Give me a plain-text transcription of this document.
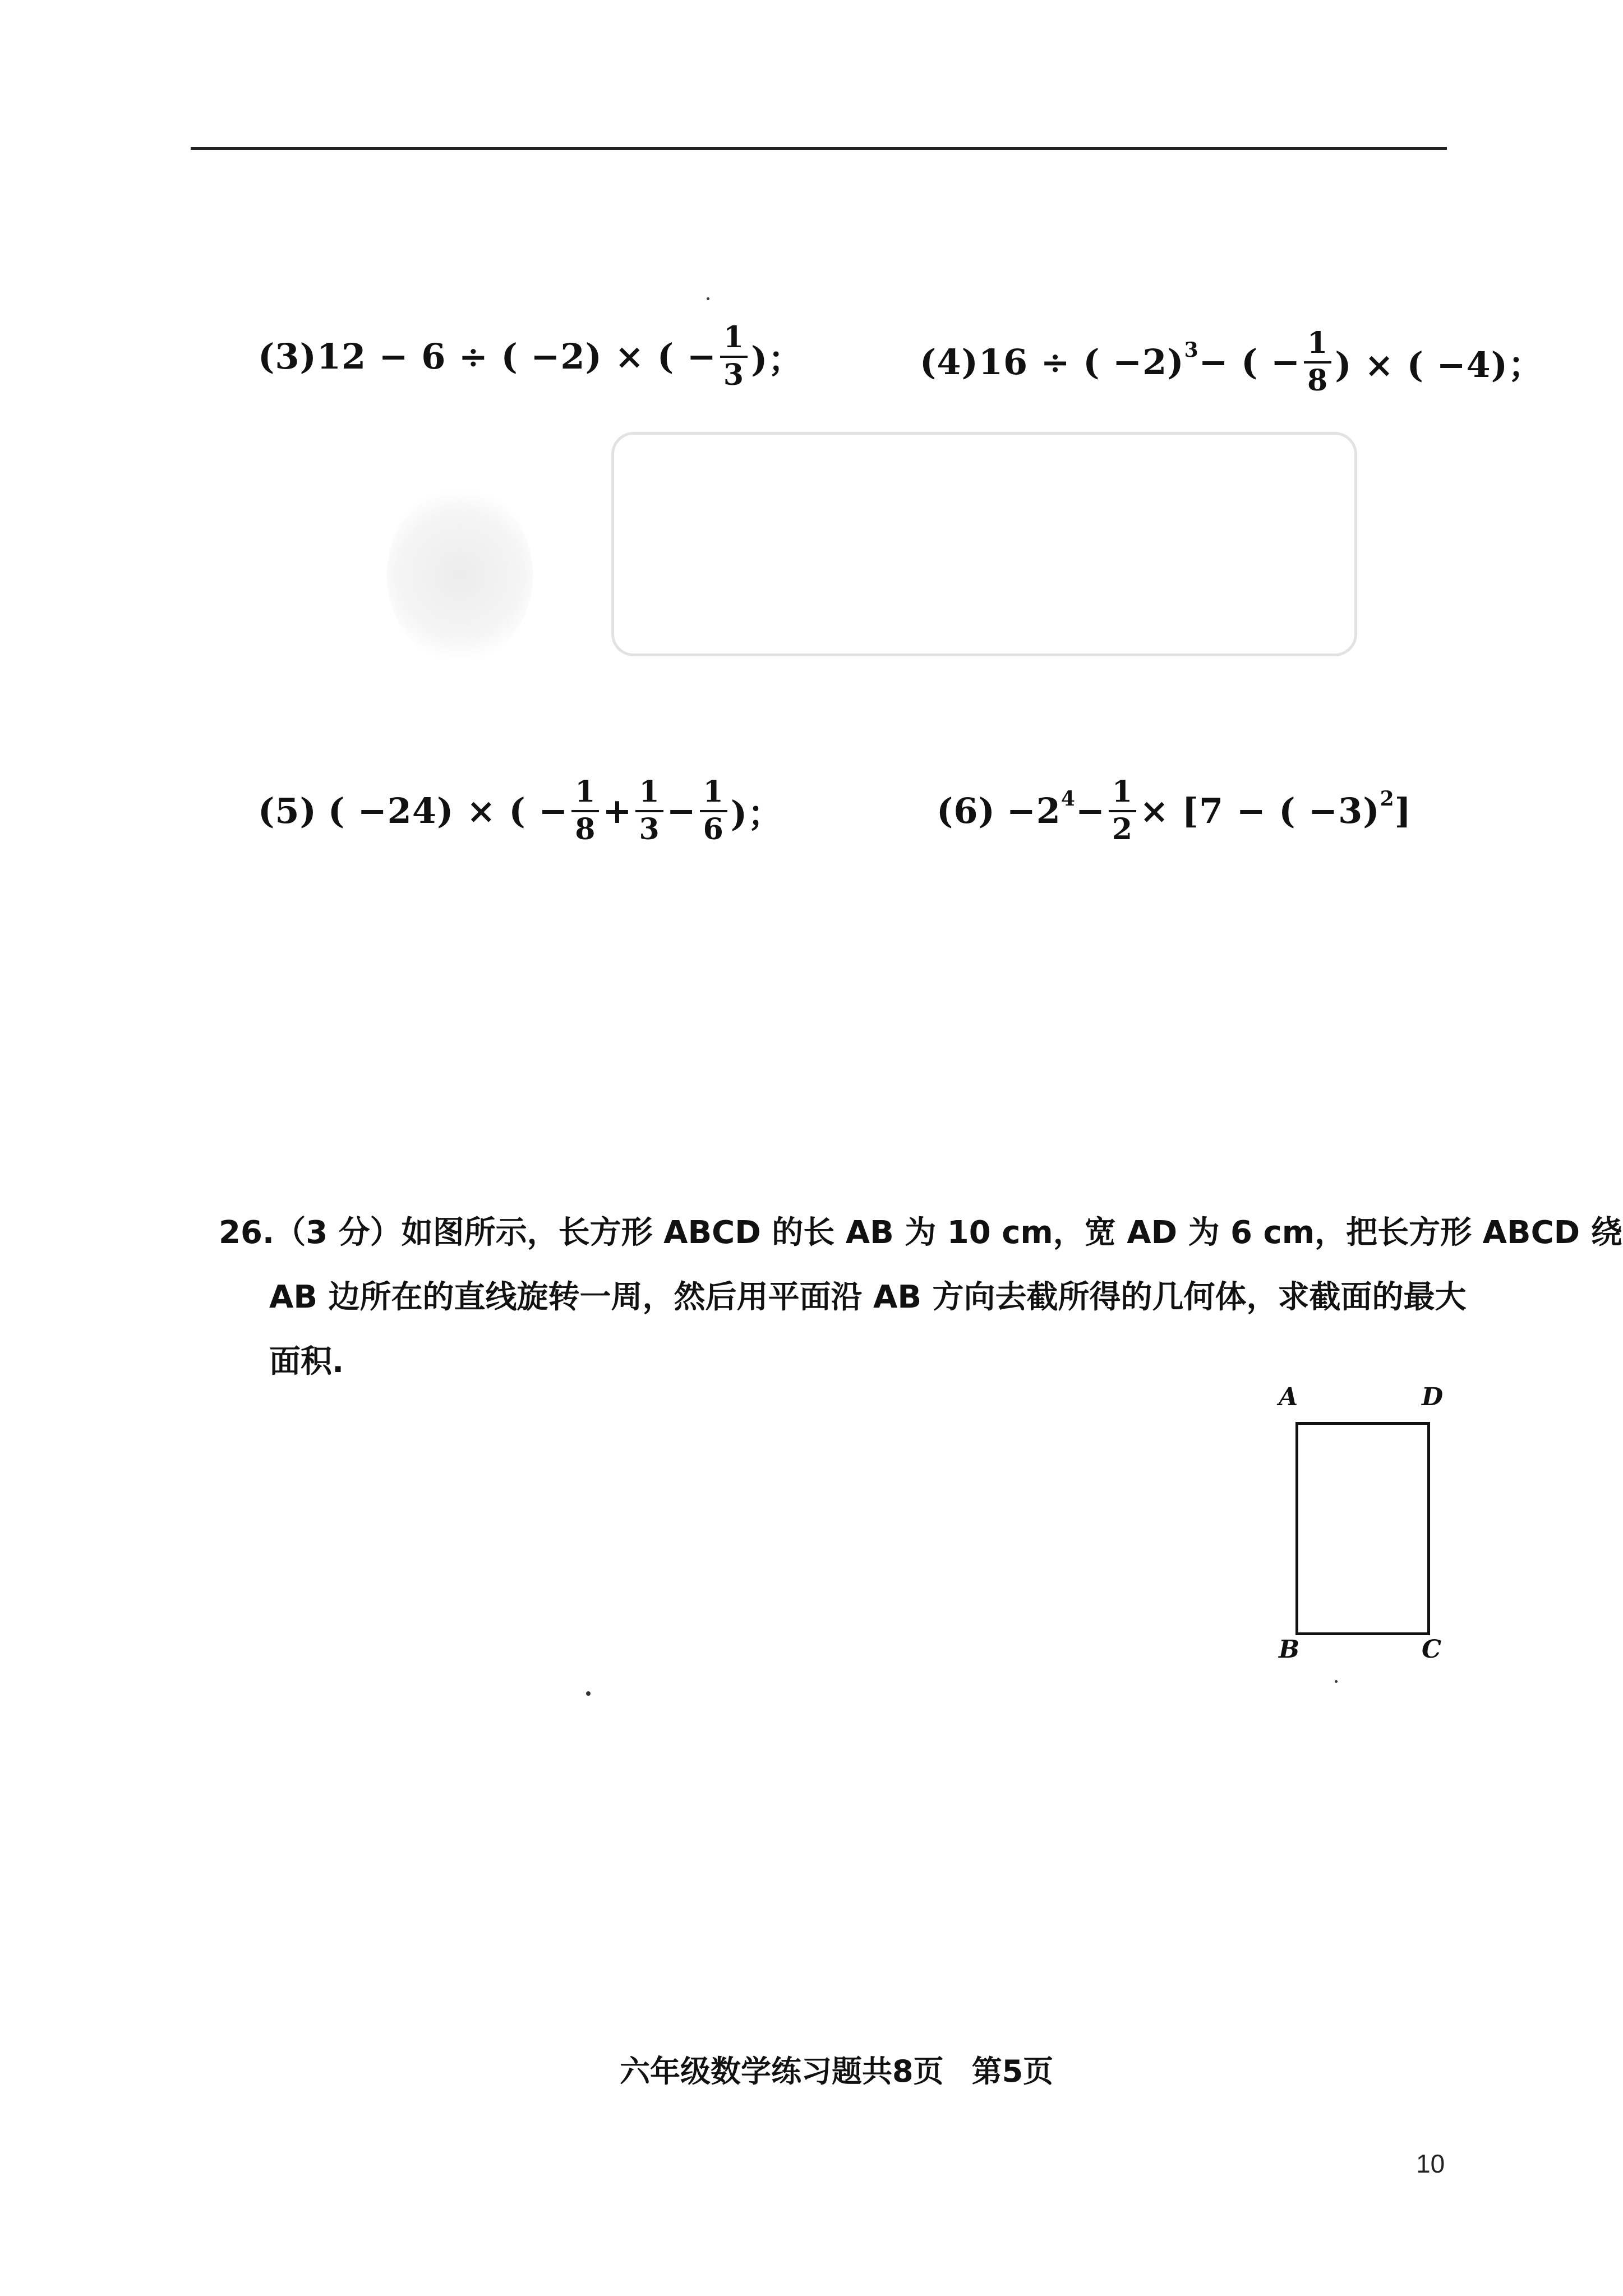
(3) 12 − 6 ÷ ( −2) × ( − $\frac{1}{3}$ )；	(4) 16 ÷ ( −2)$^3$ − ( − $\frac{1}{8}$ ) × ( −4)；
(5) ( −24) × ( − $\frac{1}{8} + \frac{1}{3} - \frac{1}{6}$ )；	$(6) -2^4 - \frac{1}{2} \times [7$ − ( −3)$^2$ ]
26.（3 分）如图所示，长方形 ABCD 的长 AB 为 10 cm，宽 AD 为 6 cm，把长方形 ABCD 绕
AB 边所在的直线旋转一周，然后用平面沿 AB 方向去截所得的几何体，求截面的最大
面积.
A	D
B	C
六年级数学练习题共8页 第5页
10
